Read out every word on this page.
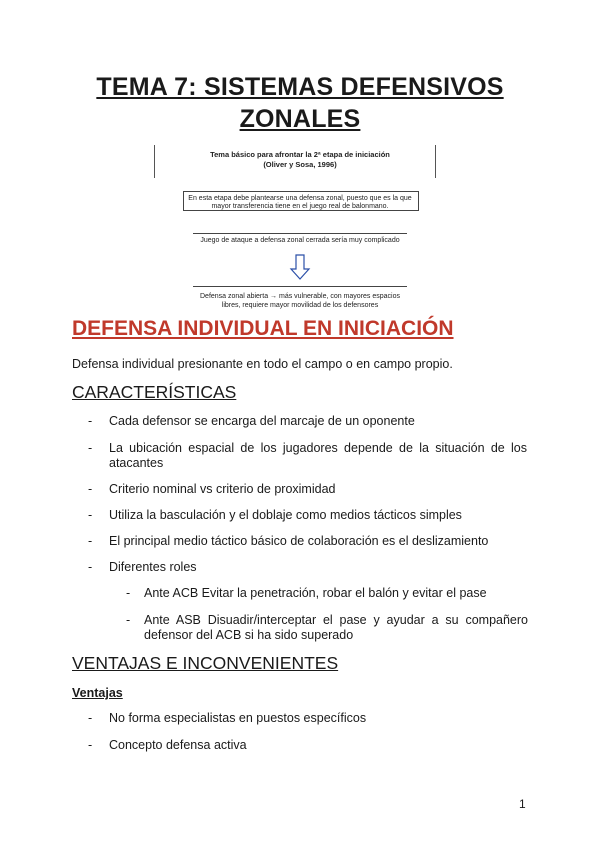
TEMA 7: SISTEMAS DEFENSIVOS
ZONALES
Tema básico para afrontar la 2ª etapa de iniciación
(Oliver y Sosa, 1996)
En esta etapa debe plantearse una defensa zonal, puesto que es la que
mayor transferencia tiene en el juego real de balonmano.
Juego de ataque a defensa zonal cerrada sería muy complicado
Defensa zonal abierta → más vulnerable, con mayores espacios
libres, requiere mayor movilidad de los defensores
DEFENSA INDIVIDUAL EN INICIACIÓN
Defensa individual presionante en todo el campo o en campo propio.
CARACTERÍSTICAS
- Cada defensor se encarga del marcaje de un oponente
- La ubicación espacial de los jugadores depende de la situación de los atacantes
- Criterio nominal vs criterio de proximidad
- Utiliza la basculación y el doblaje como medios tácticos simples
- El principal medio táctico básico de colaboración es el deslizamiento
- Diferentes roles
- Ante ACB Evitar la penetración, robar el balón y evitar el pase
- Ante ASB Disuadir/interceptar el pase y ayudar a su compañero defensor del ACB si ha sido superado
VENTAJAS E INCONVENIENTES
Ventajas
- No forma especialistas en puestos específicos
- Concepto defensa activa
1
